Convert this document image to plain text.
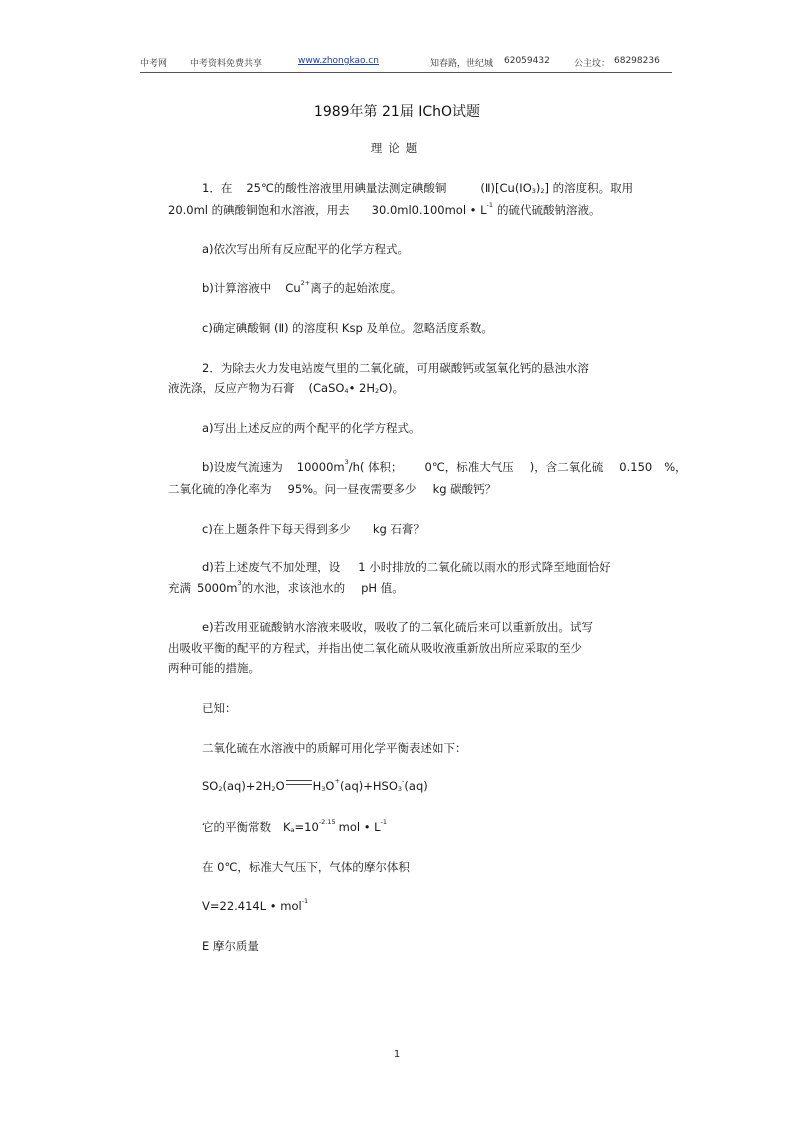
中考网	中考资料免费共享	www.zhongkao.cn	知春路，世纪城 62059432	公主坟： 68298236
1989年第 21届 IChO试题
理论题
1．在 25℃的酸性溶液里用碘量法测定碘酸铜	$(Ⅱ)[Cu(IO_3)_2]$ 的溶度积。取用
20.0ml 的碘酸铜饱和水溶液，用去 30.0ml0.100mol • $L^{-1}$ 的硫代硫酸钠溶液。
a)依次写出所有反应配平的化学方程式。
b)计算溶液中 $Cu^{2+}$离子的起始浓度。
c)确定碘酸铜 (Ⅱ) 的溶度积 Ksp 及单位。忽略活度系数。
2．为除去火力发电站废气里的二氧化硫，可用碳酸钙或氢氧化钙的悬浊水溶
液洗涤，反应产物为石膏 (CaSO$_4$• $2H_2O$)。
a)写出上述反应的两个配平的化学方程式。
b)设废气流速为 $10000m^3/h$( 体积； 0℃，标准大气压 )，含二氧化硫 0.150 %，
二氧化硫的净化率为 95%。问一昼夜需要多少 kg 碳酸钙？
c)在上题条件下每天得到多少 kg 石膏？
d)若上述废气不加处理，设 1 小时排放的二氧化硫以雨水的形式降至地面恰好
充满 $5000m^3$的水池，求该池水的 pH 值。
e)若改用亚硫酸钠水溶液来吸收，吸收了的二氧化硫后来可以重新放出。试写
出吸收平衡的配平的方程式，并指出使二氧化硫从吸收液重新放出所应采取的至少
两种可能的措施。
已知：
二氧化硫在水溶液中的质解可用化学平衡表述如下：
$SO_2(aq)+2H_2O$ $H_3O^+(aq)+HSO_3^-(aq)$
它的平衡常数 $K_a=10^{-2.15}$ mol • $L^{-1}$
在 0℃，标准大气压下，气体的摩尔体积
V=22.414L • mol$^{-1}$
E 摩尔质量
1
